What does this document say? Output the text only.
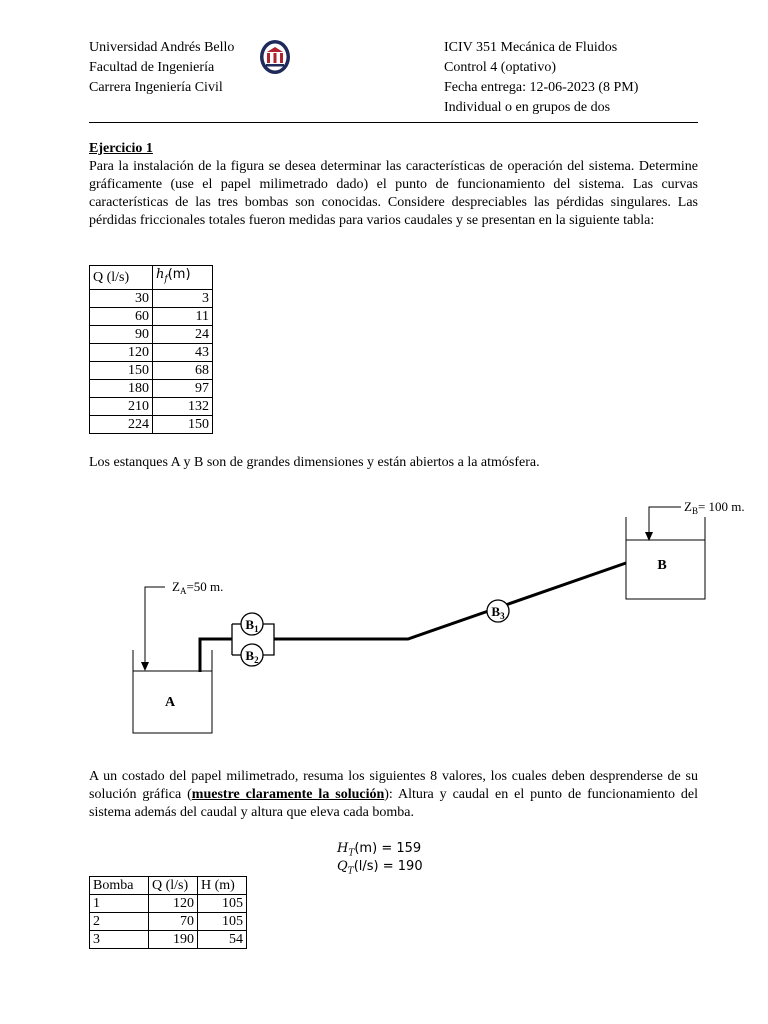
Universidad Andrés Bello
Facultad de Ingeniería
Carrera Ingeniería Civil
ICIV 351 Mecánica de Fluidos
Control 4 (optativo)
Fecha entrega: 12-06-2023 (8 PM)
Individual o en grupos de dos
Ejercicio 1
Para la instalación de la figura se desea determinar las características de operación del sistema. Determine gráficamente (use el papel milimetrado dado) el punto de funcionamiento del sistema. Las curvas características de las tres bombas son conocidas. Considere despreciables las pérdidas singulares. Las pérdidas friccionales totales fueron medidas para varios caudales y se presentan en la siguiente tabla:
Q (l/s)	$h_f(m)$
30	3
60	11
90	24
120	43
150	68
180	97
210	132
224	150
Los estanques A y B son de grandes dimensiones y están abiertos a la atmósfera.
A
$Z_A=50$ m.
$B_1$
$B_2$
$B_3$
B
$Z_B= 100$ m.
A un costado del papel milimetrado, resuma los siguientes 8 valores, los cuales deben desprenderse de su solución gráfica (muestre claramente la solución): Altura y caudal en el punto de funcionamiento del sistema además del caudal y altura que eleva cada bomba.
$H_T(m) = 159$
$Q_T(l/s) = 190$
Bomba	Q (l/s)	H (m)
1	120	105
2	70	105
3	190	54
